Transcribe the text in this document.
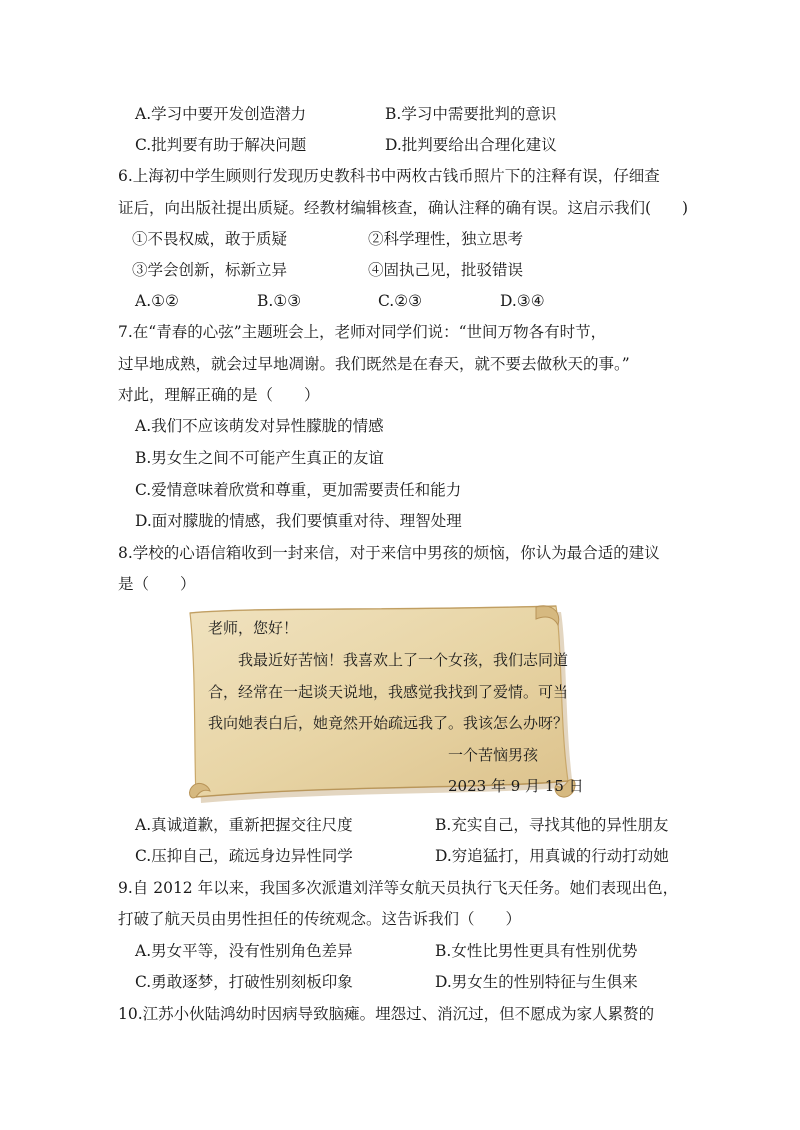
A.学习中要开发创造潜力	B.学习中需要批判的意识
C.批判要有助于解决问题	D.批判要给出合理化建议
6.上海初中学生顾则行发现历史教科书中两枚古钱币照片下的注释有误，仔细查
证后，向出版社提出质疑。经教材编辑核查，确认注释的确有误。这启示我们(　　)
①不畏权威，敢于质疑	②科学理性，独立思考
③学会创新，标新立异	④固执己见，批驳错误
A.①②	B.①③	C.②③	D.③④
7.在“青春的心弦”主题班会上，老师对同学们说：“世间万物各有时节，
过早地成熟，就会过早地凋谢。我们既然是在春天，就不要去做秋天的事。”
对此，理解正确的是（　　）
A.我们不应该萌发对异性朦胧的情感
B.男女生之间不可能产生真正的友谊
C.爱情意味着欣赏和尊重，更加需要责任和能力
D.面对朦胧的情感，我们要慎重对待、理智处理
8.学校的心语信箱收到一封来信，对于来信中男孩的烦恼，你认为最合适的建议
是（　　）
老师，您好！
我最近好苦恼！我喜欢上了一个女孩，我们志同道
合，经常在一起谈天说地，我感觉我找到了爱情。可当
我向她表白后，她竟然开始疏远我了。我该怎么办呀？
一个苦恼男孩
2023 年 9 月 15 日
A.真诚道歉，重新把握交往尺度	B.充实自己，寻找其他的异性朋友
C.压抑自己，疏远身边异性同学	D.穷追猛打，用真诚的行动打动她
9.自 2012 年以来，我国多次派遣刘洋等女航天员执行飞天任务。她们表现出色，
打破了航天员由男性担任的传统观念。这告诉我们（　　）
A.男女平等，没有性别角色差异	B.女性比男性更具有性别优势
C.勇敢逐梦，打破性别刻板印象	D.男女生的性别特征与生俱来
10.江苏小伙陆鸿幼时因病导致脑瘫。埋怨过、消沉过，但不愿成为家人累赘的
